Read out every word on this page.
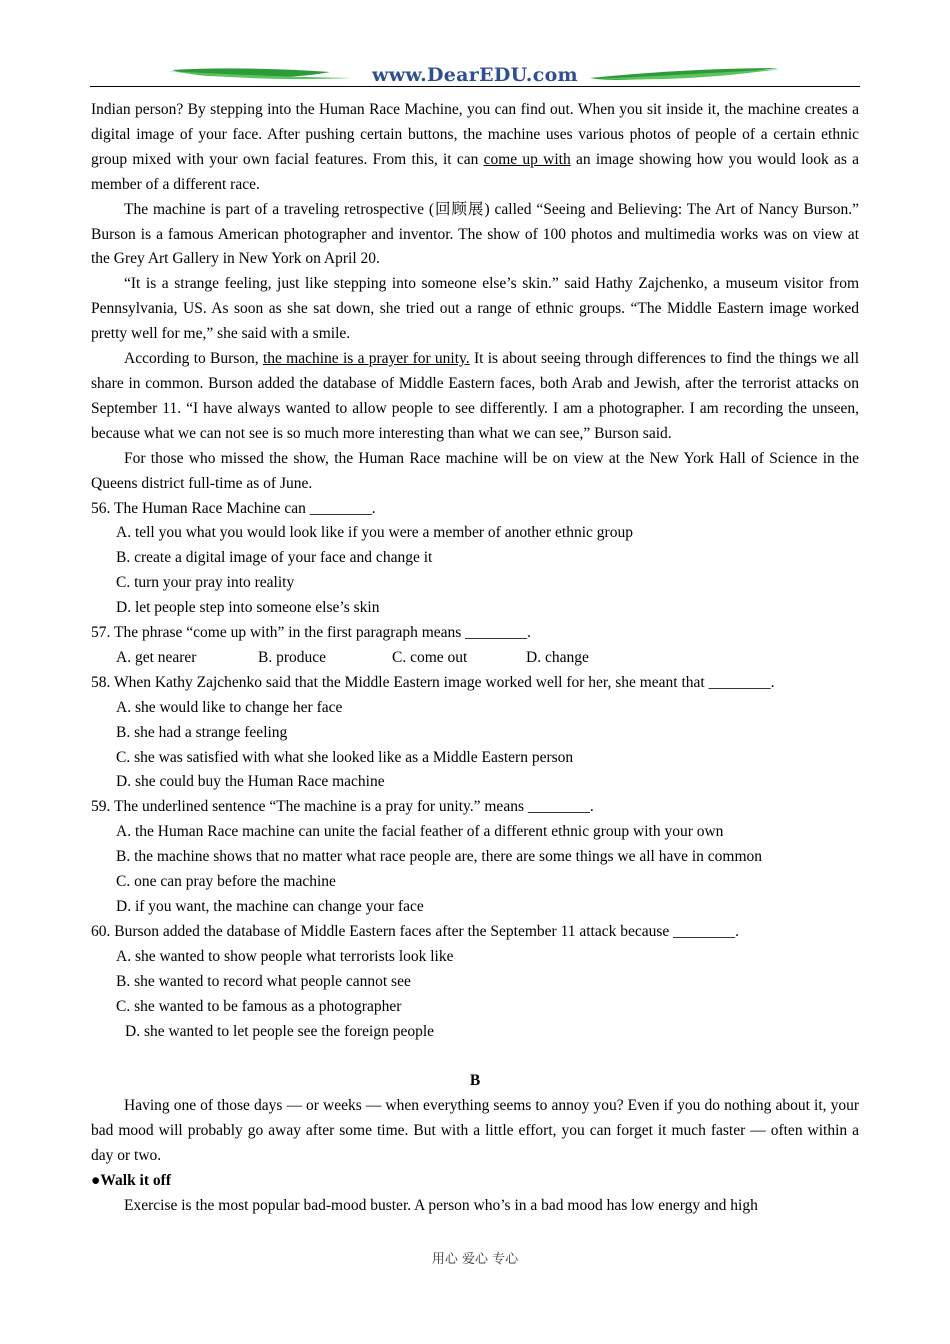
www.DearEDU.com

Indian person? By stepping into the Human Race Machine, you can find out. When you sit inside it, the machine creates a digital image of your face. After pushing certain buttons, the machine uses various photos of people of a certain ethnic group mixed with your own facial features. From this, it can come up with an image showing how you would look as a member of a different race.

The machine is part of a traveling retrospective (回顾展) called “Seeing and Believing: The Art of Nancy Burson.” Burson is a famous American photographer and inventor. The show of 100 photos and multimedia works was on view at the Grey Art Gallery in New York on April 20.

“It is a strange feeling, just like stepping into someone else’s skin.” said Hathy Zajchenko, a museum visitor from Pennsylvania, US. As soon as she sat down, she tried out a range of ethnic groups. “The Middle Eastern image worked pretty well for me,” she said with a smile.

According to Burson, the machine is a prayer for unity. It is about seeing through differences to find the things we all share in common. Burson added the database of Middle Eastern faces, both Arab and Jewish, after the terrorist attacks on September 11. “I have always wanted to allow people to see differently. I am a photographer. I am recording the unseen, because what we can not see is so much more interesting than what we can see,” Burson said.

For those who missed the show, the Human Race machine will be on view at the New York Hall of Science in the Queens district full-time as of June.

56. The Human Race Machine can ________.

A. tell you what you would look like if you were a member of another ethnic group

B. create a digital image of your face and change it

C. turn your pray into reality

D. let people step into someone else’s skin

57. The phrase “come up with” in the first paragraph means ________.

A. get nearer	B. produce	C. come out	D. change

58. When Kathy Zajchenko said that the Middle Eastern image worked well for her, she meant that ________.

A. she would like to change her face

B. she had a strange feeling

C. she was satisfied with what she looked like as a Middle Eastern person

D. she could buy the Human Race machine

59. The underlined sentence “The machine is a pray for unity.” means ________.

A. the Human Race machine can unite the facial feather of a different ethnic group with your own

B. the machine shows that no matter what race people are, there are some things we all have in common

C. one can pray before the machine

D. if you want, the machine can change your face

60. Burson added the database of Middle Eastern faces after the September 11 attack because ________.

A. she wanted to show people what terrorists look like

B. she wanted to record what people cannot see

C. she wanted to be famous as a photographer

D. she wanted to let people see the foreign people

B

Having one of those days — or weeks — when everything seems to annoy you? Even if you do nothing about it, your bad mood will probably go away after some time. But with a little effort, you can forget it much faster — often within a day or two.

●Walk it off

Exercise is the most popular bad-mood buster. A person who’s in a bad mood has low energy and high

用心 爱心 专心
